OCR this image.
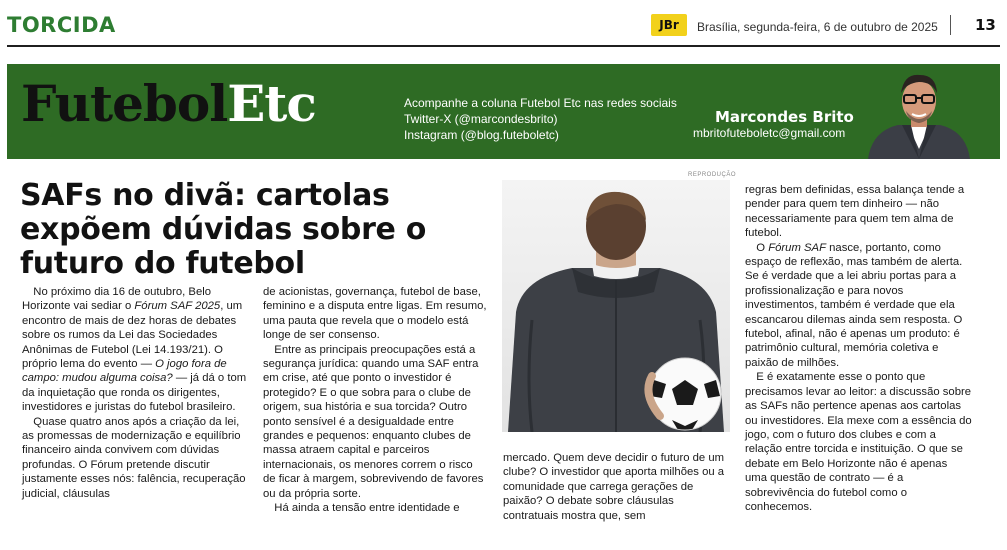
TORCIDA	JBr	Brasília, segunda-feira, 6 de outubro de 2025 13
FutebolEtc	Acompanhe a coluna Futebol Etc nas redes sociais
Twitter-X (@marcondesbrito)
Instagram (@blog.futeboletc)
Marcondes Brito
mbritofuteboletc@gmail.com
SAFs no divã: cartolas expõem dúvidas sobre o futuro do futebol

 No próximo dia 16 de outubro, Belo Horizonte vai sediar o Fórum SAF 2025, um encontro de mais de dez horas de debates sobre os rumos da Lei das Sociedades Anônimas de Futebol (Lei 14.193/21). O próprio lema do evento — O jogo fora de campo: mudou alguma coisa? — já dá o tom da inquietação que ronda os dirigentes, investidores e juristas do futebol brasileiro.

 Quase quatro anos após a criação da lei, as promessas de modernização e equilíbrio financeiro ainda convivem com dúvidas profundas. O Fórum pretende discutir justamente esses nós: falência, recuperação judicial, cláusulas

de acionistas, governança, futebol de base, feminino e a disputa entre ligas. Em resumo, uma pauta que revela que o modelo está longe de ser consenso.

 Entre as principais preocupações está a segurança jurídica: quando uma SAF entra em crise, até que ponto o investidor é protegido? E o que sobra para o clube de origem, sua história e sua torcida? Outro ponto sensível é a desigualdade entre grandes e pequenos: enquanto clubes de massa atraem capital e parceiros internacionais, os menores correm o risco de ficar à margem, sobrevivendo de favores ou da própria sorte.

 Há ainda a tensão entre identidade e

REPRODUÇÃO

mercado. Quem deve decidir o futuro de um clube? O investidor que aporta milhões ou a comunidade que carrega gerações de paixão? O debate sobre cláusulas contratuais mostra que, sem

regras bem definidas, essa balança tende a pender para quem tem dinheiro — não necessariamente para quem tem alma de futebol.

 O Fórum SAF nasce, portanto, como espaço de reflexão, mas também de alerta. Se é verdade que a lei abriu portas para a profissionalização e para novos investimentos, também é verdade que ela escancarou dilemas ainda sem resposta. O futebol, afinal, não é apenas um produto: é patrimônio cultural, memória coletiva e paixão de milhões.

 E é exatamente esse o ponto que precisamos levar ao leitor: a discussão sobre as SAFs não pertence apenas aos cartolas ou investidores. Ela mexe com a essência do jogo, com o futuro dos clubes e com a relação entre torcida e instituição. O que se debate em Belo Horizonte não é apenas uma questão de contrato — é a sobrevivência do futebol como o conhecemos.
